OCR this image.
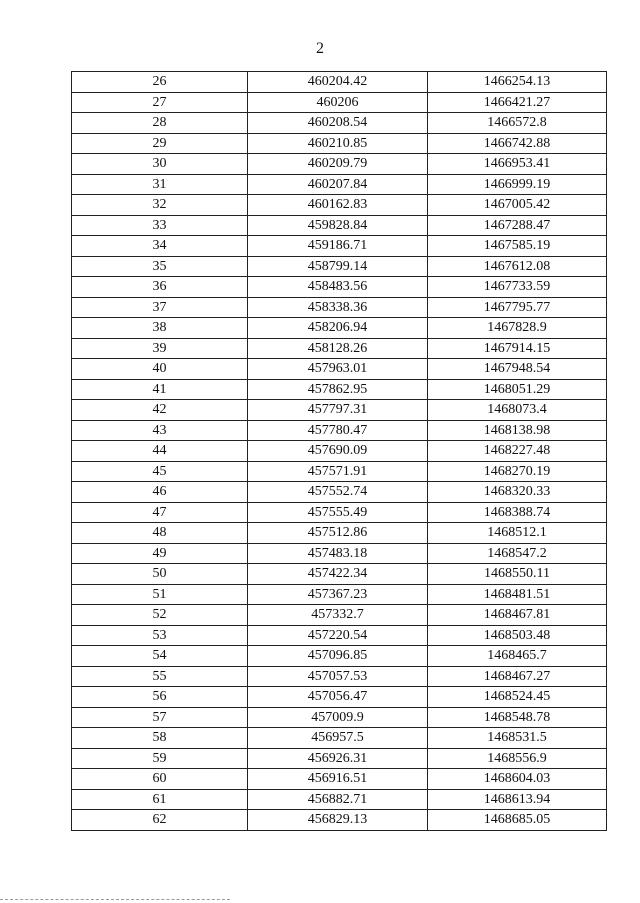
2
26	460204.42	1466254.13
27	460206	1466421.27
28	460208.54	1466572.8
29	460210.85	1466742.88
30	460209.79	1466953.41
31	460207.84	1466999.19
32	460162.83	1467005.42
33	459828.84	1467288.47
34	459186.71	1467585.19
35	458799.14	1467612.08
36	458483.56	1467733.59
37	458338.36	1467795.77
38	458206.94	1467828.9
39	458128.26	1467914.15
40	457963.01	1467948.54
41	457862.95	1468051.29
42	457797.31	1468073.4
43	457780.47	1468138.98
44	457690.09	1468227.48
45	457571.91	1468270.19
46	457552.74	1468320.33
47	457555.49	1468388.74
48	457512.86	1468512.1
49	457483.18	1468547.2
50	457422.34	1468550.11
51	457367.23	1468481.51
52	457332.7	1468467.81
53	457220.54	1468503.48
54	457096.85	1468465.7
55	457057.53	1468467.27
56	457056.47	1468524.45
57	457009.9	1468548.78
58	456957.5	1468531.5
59	456926.31	1468556.9
60	456916.51	1468604.03
61	456882.71	1468613.94
62	456829.13	1468685.05
